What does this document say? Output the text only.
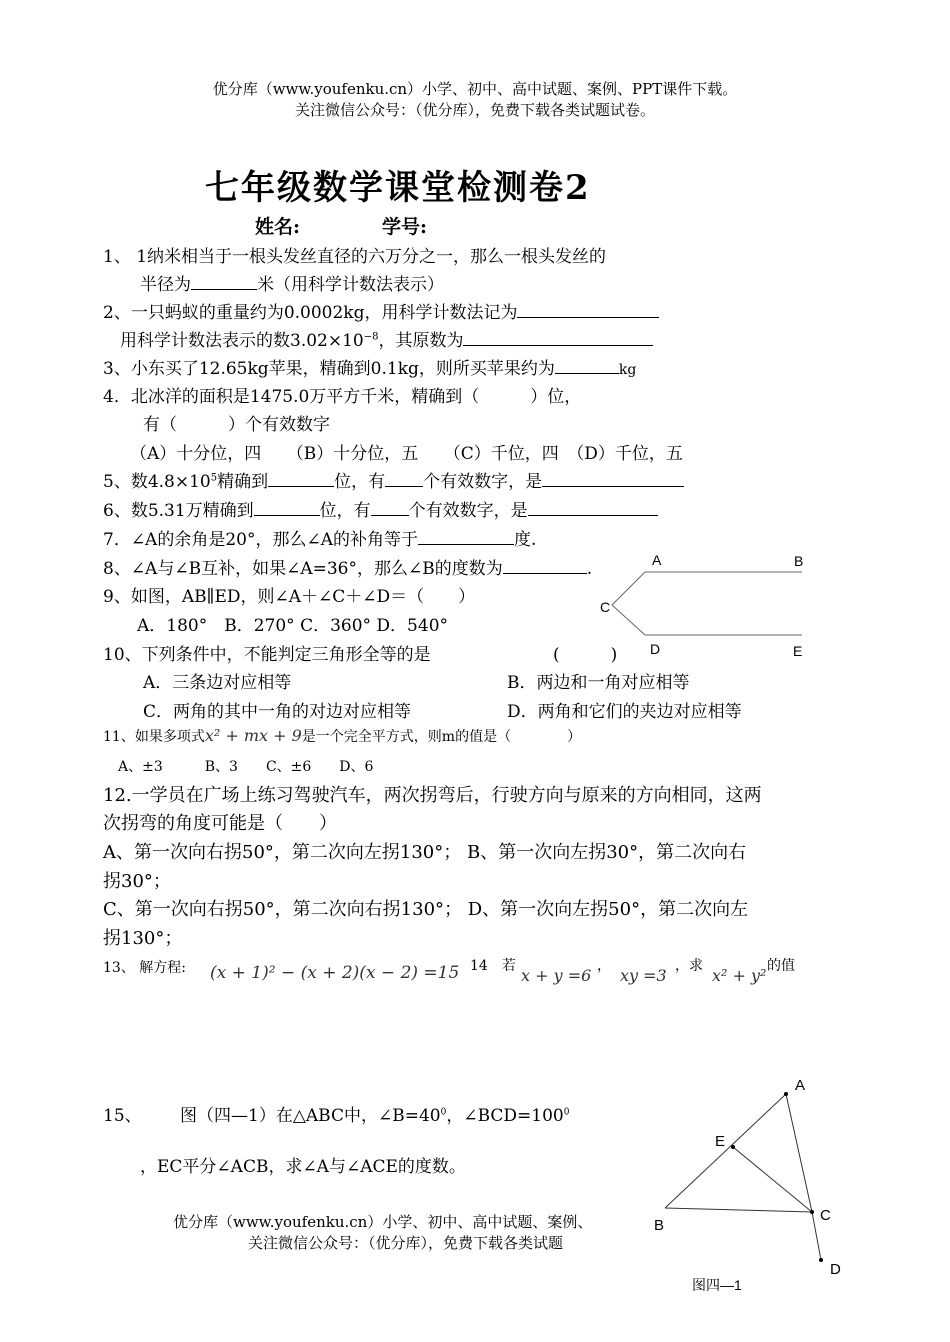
优分库（www.youfenku.cn）小学、初中、高中试题、案例、PPT课件下载。
关注微信公众号：（优分库），免费下载各类试题试卷。
七年级数学课堂检测卷2
姓名:	学号:
1、 1纳米相当于一根头发丝直径的六万分之一，那么一根头发丝的
半径为	米（用科学计数法表示）
2、一只蚂蚁的重量约为0.0002kg，用科学计数法记为
用科学计数法表示的数$3.02\times 10^{-8}$，其原数为
3、小东买了12.65kg苹果，精确到0.1kg，则所买苹果约为	kg
4．北冰洋的面积是1475.0万平方千米，精确到（　　　）位，
有（　　　）个有效数字
（A）十分位，四　　（B）十分位，五　　（C）千位，四　（D）千位，五
5、数$4.8\times 10^5$精确到	位，有 个有效数字，是
6、数5.31万精确到	位，有 个有效数字，是
7．∠A的余角是20°，那么∠A的补角等于	度.
8、∠A与∠B互补，如果∠A=36°，那么∠B的度数为	.
9、如图，AB∥ED，则∠A＋∠C＋∠D＝（　　）
A．180°　B．270° C．360° D．540°
A	B
C
D	E
10、下列条件中，不能判定三角形全等的是	(　　　)
A．三条边对应相等	B．两边和一角对应相等
C．两角的其中一角的对边对应相等	D．两角和它们的夹边对应相等
11、如果多项式x² + mx + 9是一个完全平方式，则m的值是（　　　　）
A、±3　　　B、3　　C、±6　　D、6
12.一学员在广场上练习驾驶汽车，两次拐弯后，行驶方向与原来的方向相同，这两
次拐弯的角度可能是（　　）
A、第一次向右拐50°，第二次向左拐130°； B、第一次向左拐30°，第二次向右
拐30°；
C、第一次向右拐50°，第二次向右拐130°； D、第一次向左拐50°，第二次向左
拐130°；
13、 解方程: (x + 1)² − (x + 2)(x − 2) =15 14　若 x + y =6 ， xy =3 ，求 x² + y² 的值
15、 图（四—1）在△ABC中，$\angle B=40^0$，$\angle BCD=100^0$
，EC平分∠ACB，求∠A与∠ACE的度数。
A
E
B
C
D
图四—1
优分库（www.youfenku.cn）小学、初中、高中试题、案例、
关注微信公众号：（优分库），免费下载各类试题
